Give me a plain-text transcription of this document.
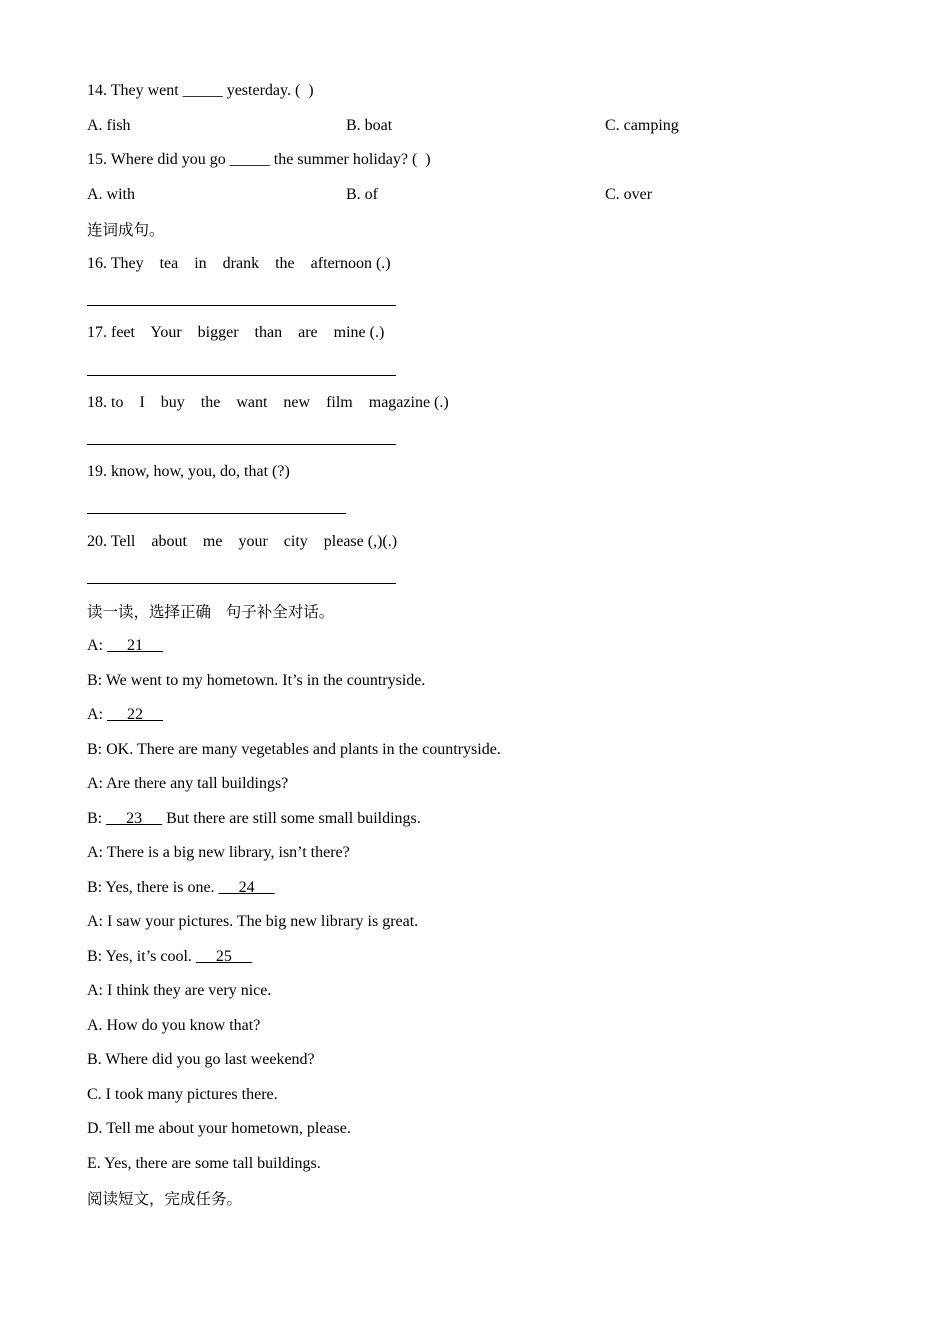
14. They went _____ yesterday. (  )
A. fish	B. boat	C. camping
15. Where did you go _____ the summer holiday? (  )
A. with	B. of	C. over
连词成句。
16. They    tea    in    drank    the    afternoon (.)
17. feet    Your    bigger    than    are    mine (.)
18. to    I    buy    the    want    new    film    magazine (.)
19. know, how, you, do, that (?)
20. Tell    about    me    your    city    please (,)(.)
读一读，选择正确   句子补全对话。
A:      21
B: We went to my hometown. It’s in the countryside.
A:      22
B: OK. There are many vegetables and plants in the countryside.
A: Are there any tall buildings?
B:      23      But there are still some small buildings.
A: There is a big new library, isn’t there?
B: Yes, there is one.      24
A: I saw your pictures. The big new library is great.
B: Yes, it’s cool.      25
A: I think they are very nice.
A. How do you know that?
B. Where did you go last weekend?
C. I took many pictures there.
D. Tell me about your hometown, please.
E. Yes, there are some tall buildings.
阅读短文，完成任务。
